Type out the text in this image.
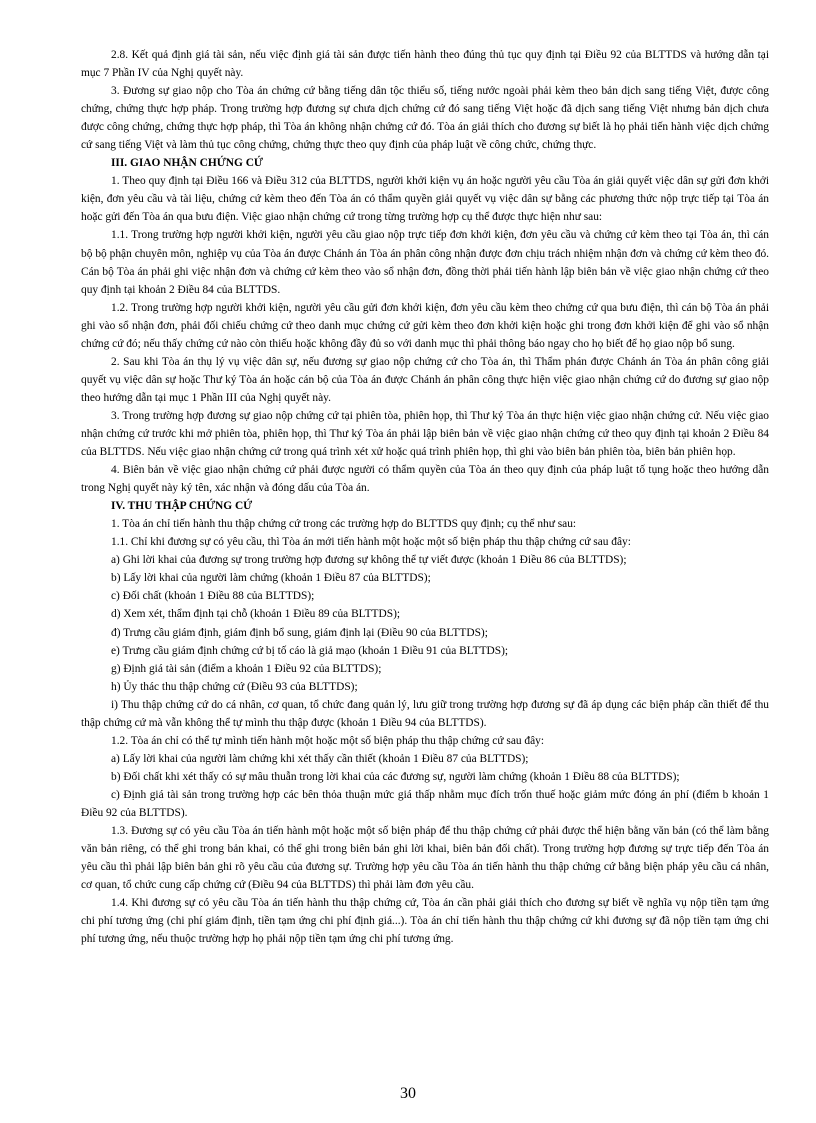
2.8. Kết quả định giá tài sản, nếu việc định giá tài sản được tiến hành theo đúng thủ tục quy định tại Điều 92 của BLTTDS và hướng dẫn tại mục 7 Phần IV của Nghị quyết này.

3. Đương sự giao nộp cho Tòa án chứng cứ bằng tiếng dân tộc thiểu số, tiếng nước ngoài phải kèm theo bản dịch sang tiếng Việt, được công chứng, chứng thực hợp pháp. Trong trường hợp đương sự chưa dịch chứng cứ đó sang tiếng Việt hoặc đã dịch sang tiếng Việt nhưng bản dịch chưa được công chứng, chứng thực hợp pháp, thì Tòa án không nhận chứng cứ đó. Tòa án giải thích cho đương sự biết là họ phải tiến hành việc dịch chứng cứ sang tiếng Việt và làm thủ tục công chứng, chứng thực theo quy định của pháp luật về công chức, chứng thực.

III. GIAO NHẬN CHỨNG CỨ

1. Theo quy định tại Điều 166 và Điều 312 của BLTTDS, người khởi kiện vụ án hoặc người yêu cầu Tòa án giải quyết việc dân sự gửi đơn khởi kiện, đơn yêu cầu và tài liệu, chứng cứ kèm theo đến Tòa án có thẩm quyền giải quyết vụ việc dân sự bằng các phương thức nộp trực tiếp tại Tòa án hoặc gửi đến Tòa án qua bưu điện. Việc giao nhận chứng cứ trong từng trường hợp cụ thể được thực hiện như sau:

1.1. Trong trường hợp người khởi kiện, người yêu cầu giao nộp trực tiếp đơn khởi kiện, đơn yêu cầu và chứng cứ kèm theo tại Tòa án, thì cán bộ bộ phận chuyên môn, nghiệp vụ của Tòa án được Chánh án Tòa án phân công nhận được đơn chịu trách nhiệm nhận đơn và chứng cứ kèm theo đó. Cán bộ Tòa án phải ghi việc nhận đơn và chứng cứ kèm theo vào sổ nhận đơn, đồng thời phải tiến hành lập biên bản về việc giao nhận chứng cứ theo quy định tại khoản 2 Điều 84 của BLTTDS.

1.2. Trong trường hợp người khởi kiện, người yêu cầu gửi đơn khởi kiện, đơn yêu cầu kèm theo chứng cứ qua bưu điện, thì cán bộ Tòa án phải ghi vào sổ nhận đơn, phải đối chiếu chứng cứ theo danh mục chứng cứ gửi kèm theo đơn khởi kiện hoặc ghi trong đơn khởi kiện để ghi vào sổ nhận chứng cứ đó; nếu thấy chứng cứ nào còn thiếu hoặc không đầy đủ so với danh mục thì phải thông báo ngay cho họ biết để họ giao nộp bổ sung.

2. Sau khi Tòa án thụ lý vụ việc dân sự, nếu đương sự giao nộp chứng cứ cho Tòa án, thì Thẩm phán được Chánh án Tòa án phân công giải quyết vụ việc dân sự hoặc Thư ký Tòa án hoặc cán bộ của Tòa án được Chánh án phân công thực hiện việc giao nhận chứng cứ do đương sự giao nộp theo hướng dẫn tại mục 1 Phần III của Nghị quyết này.

3. Trong trường hợp đương sự giao nộp chứng cứ tại phiên tòa, phiên họp, thì Thư ký Tòa án thực hiện việc giao nhận chứng cứ. Nếu việc giao nhận chứng cứ trước khi mở phiên tòa, phiên họp, thì Thư ký Tòa án phải lập biên bản về việc giao nhận chứng cứ theo quy định tại khoản 2 Điều 84 của BLTTDS. Nếu việc giao nhận chứng cứ trong quá trình xét xử hoặc quá trình phiên họp, thì ghi vào biên bản phiên tòa, biên bản phiên họp.

4. Biên bản về việc giao nhận chứng cứ phải được người có thẩm quyền của Tòa án theo quy định của pháp luật tố tụng hoặc theo hướng dẫn trong Nghị quyết này ký tên, xác nhận và đóng dấu của Tòa án.

IV. THU THẬP CHỨNG CỨ

1. Tòa án chỉ tiến hành thu thập chứng cứ trong các trường hợp do BLTTDS quy định; cụ thể như sau:

1.1. Chỉ khi đương sự có yêu cầu, thì Tòa án mới tiến hành một hoặc một số biện pháp thu thập chứng cứ sau đây:

a) Ghi lời khai của đương sự trong trường hợp đương sự không thể tự viết được (khoản 1 Điều 86 của BLTTDS);

b) Lấy lời khai của người làm chứng (khoản 1 Điều 87 của BLTTDS);

c) Đối chất (khoản 1 Điều 88 của BLTTDS);

d) Xem xét, thẩm định tại chỗ (khoản 1 Điều 89 của BLTTDS);

đ) Trưng cầu giám định, giám định bổ sung, giám định lại (Điều 90 của BLTTDS);

e) Trưng cầu giám định chứng cứ bị tố cáo là giả mạo (khoản 1 Điều 91 của BLTTDS);

g) Định giá tài sản (điểm a khoản 1 Điều 92 của BLTTDS);

h) Ủy thác thu thập chứng cứ (Điều 93 của BLTTDS);

i) Thu thập chứng cứ do cá nhân, cơ quan, tổ chức đang quản lý, lưu giữ trong trường hợp đương sự đã áp dụng các biện pháp cần thiết để thu thập chứng cứ mà vẫn không thể tự mình thu thập được (khoản 1 Điều 94 của BLTTDS).

1.2. Tòa án chỉ có thể tự mình tiến hành một hoặc một số biện pháp thu thập chứng cứ sau đây:

a) Lấy lời khai của người làm chứng khi xét thấy cần thiết (khoản 1 Điều 87 của BLTTDS);

b) Đối chất khi xét thấy có sự mâu thuẫn trong lời khai của các đương sự, người làm chứng (khoản 1 Điều 88 của BLTTDS);

c) Định giá tài sản trong trường hợp các bên thỏa thuận mức giá thấp nhằm mục đích trốn thuế hoặc giảm mức đóng án phí (điểm b khoản 1 Điều 92 của BLTTDS).

1.3. Đương sự có yêu cầu Tòa án tiến hành một hoặc một số biện pháp để thu thập chứng cứ phải được thể hiện bằng văn bản (có thể làm bằng văn bản riêng, có thể ghi trong bản khai, có thể ghi trong biên bản ghi lời khai, biên bản đối chất). Trong trường hợp đương sự trực tiếp đến Tòa án yêu cầu thì phải lập biên bản ghi rõ yêu cầu của đương sự. Trường hợp yêu cầu Tòa án tiến hành thu thập chứng cứ bằng biện pháp yêu cầu cá nhân, cơ quan, tổ chức cung cấp chứng cứ (Điều 94 của BLTTDS) thì phải làm đơn yêu cầu.

1.4. Khi đương sự có yêu cầu Tòa án tiến hành thu thập chứng cứ, Tòa án cần phải giải thích cho đương sự biết về nghĩa vụ nộp tiền tạm ứng chi phí tương ứng (chi phí giám định, tiền tạm ứng chi phí định giá...). Tòa án chỉ tiến hành thu thập chứng cứ khi đương sự đã nộp tiền tạm ứng chi phí tương ứng, nếu thuộc trường hợp họ phải nộp tiền tạm ứng chi phí tương ứng.

30
